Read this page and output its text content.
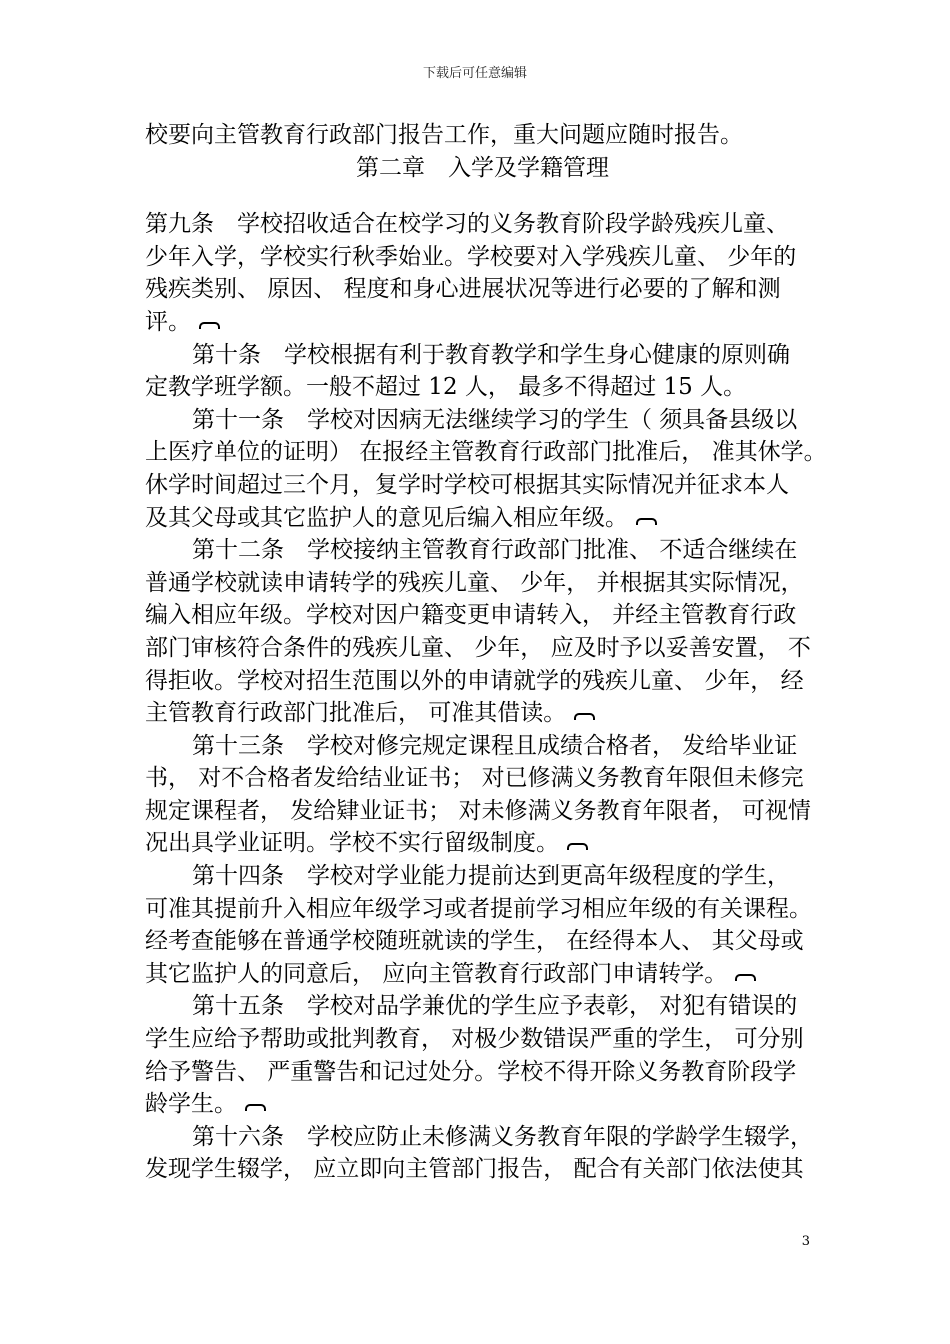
下载后可任意编辑
校要向主管教育行政部门报告工作，重大问题应随时报告。
第二章　入学及学籍管理
第九条　学校招收适合在校学习的义务教育阶段学龄残疾儿童、
少年入学，学校实行秋季始业。学校要对入学残疾儿童、 少年的
残疾类别、 原因、 程度和身心进展状况等进行必要的了解和测
评。
第十条　学校根据有利于教育教学和学生身心健康的原则确
定教学班学额。一般不超过 12 人， 最多不得超过 15 人。
第十一条　学校对因病无法继续学习的学生（ 须具备县级以
上医疗单位的证明） 在报经主管教育行政部门批准后， 准其休学。
休学时间超过三个月，复学时学校可根据其实际情况并征求本人
及其父母或其它监护人的意见后编入相应年级。
第十二条　学校接纳主管教育行政部门批准、 不适合继续在
普通学校就读申请转学的残疾儿童、 少年， 并根据其实际情况，
编入相应年级。学校对因户籍变更申请转入， 并经主管教育行政
部门审核符合条件的残疾儿童、 少年， 应及时予以妥善安置， 不
得拒收。学校对招生范围以外的申请就学的残疾儿童、 少年， 经
主管教育行政部门批准后， 可准其借读。
第十三条　学校对修完规定课程且成绩合格者， 发给毕业证
书， 对不合格者发给结业证书； 对已修满义务教育年限但未修完
规定课程者， 发给肄业证书； 对未修满义务教育年限者， 可视情
况出具学业证明。学校不实行留级制度。
第十四条　学校对学业能力提前达到更高年级程度的学生，
可准其提前升入相应年级学习或者提前学习相应年级的有关课程。
经考查能够在普通学校随班就读的学生， 在经得本人、 其父母或
其它监护人的同意后， 应向主管教育行政部门申请转学。
第十五条　学校对品学兼优的学生应予表彰， 对犯有错误的
学生应给予帮助或批判教育， 对极少数错误严重的学生， 可分别
给予警告、 严重警告和记过处分。学校不得开除义务教育阶段学
龄学生。
第十六条　学校应防止未修满义务教育年限的学龄学生辍学，
发现学生辍学， 应立即向主管部门报告， 配合有关部门依法使其
3
